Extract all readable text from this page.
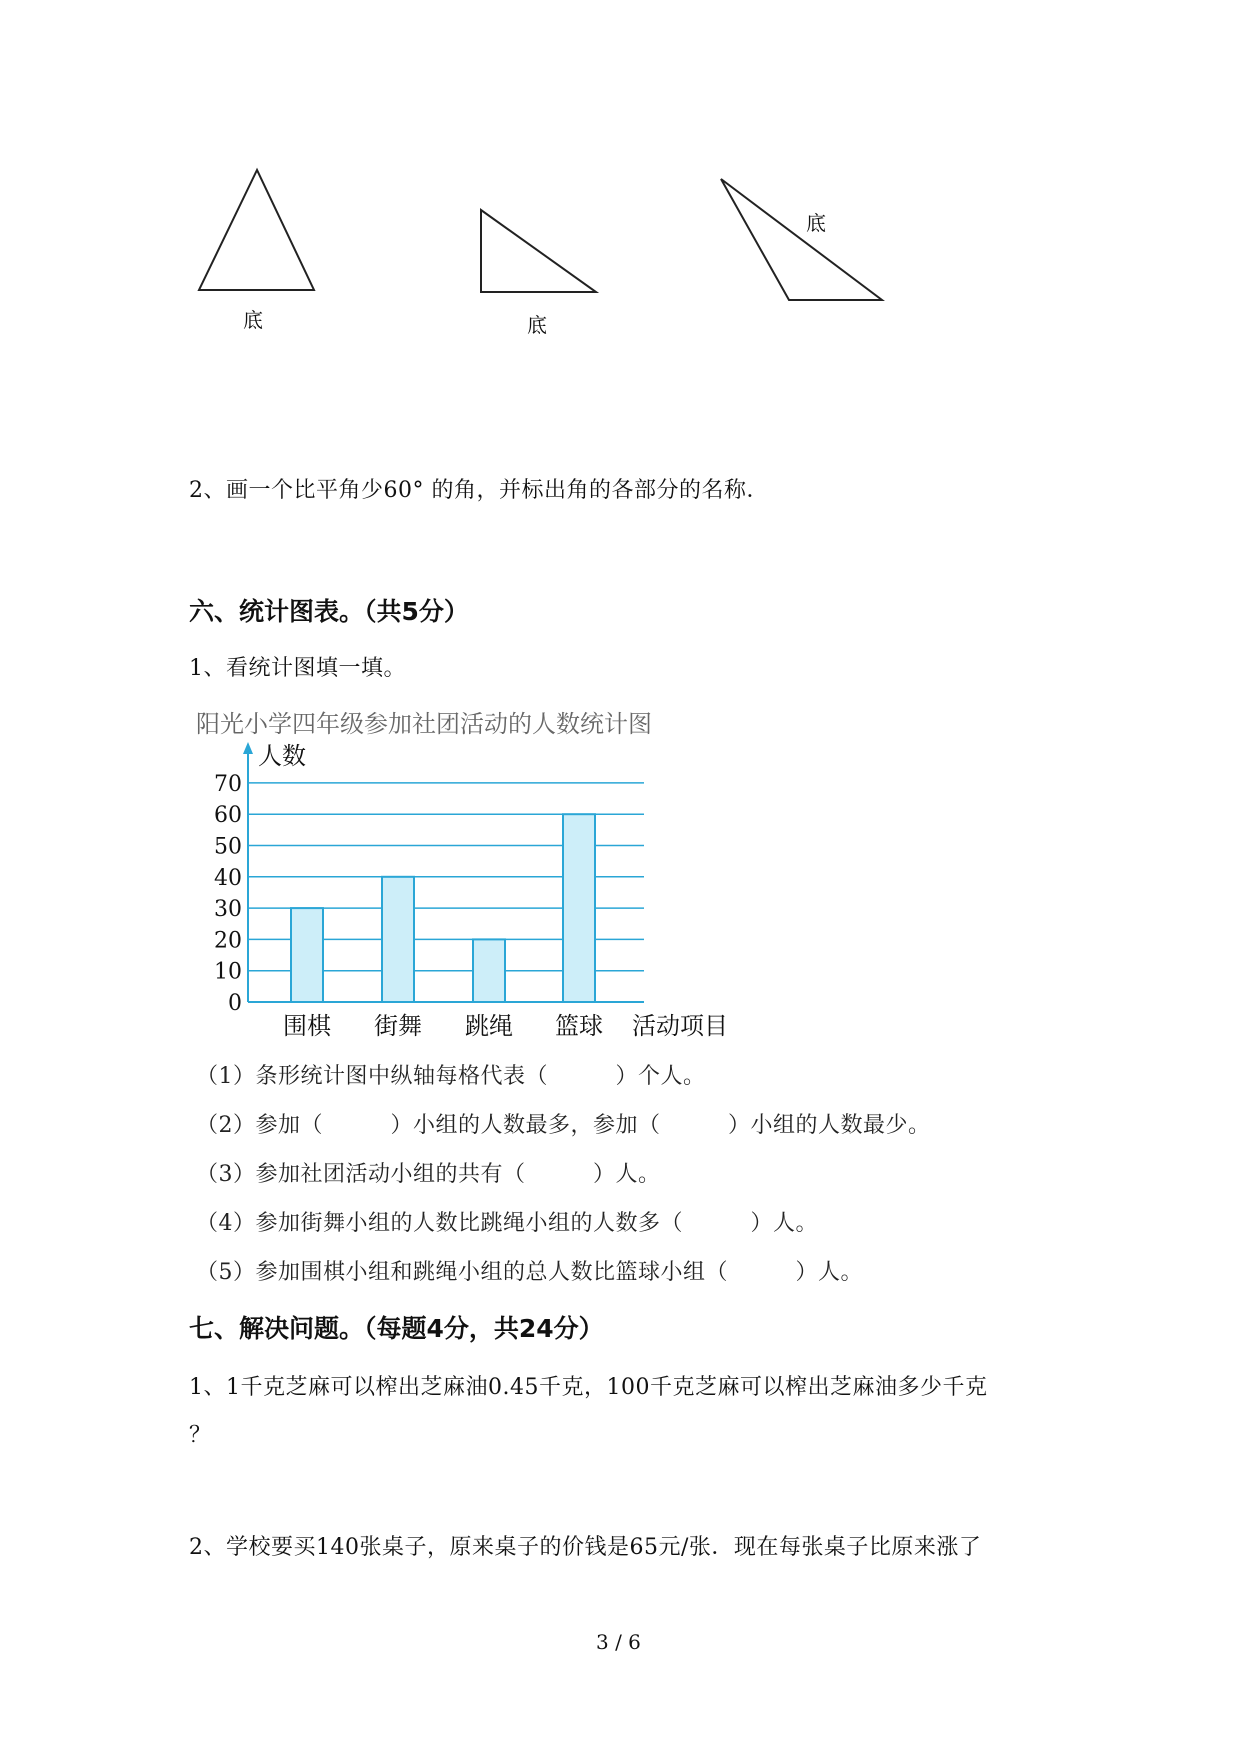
底	底
底
2、画一个比平角少60° 的角，并标出角的各部分的名称．
六、统计图表。（共5分）
1、看统计图填一填。
阳光小学四年级参加社团活动的人数统计图
0
10
20
30
40
50
60
70
人数
围棋 街舞 跳绳 篮球 活动项目
（1）条形统计图中纵轴每格代表（　　　）个人。
（2）参加（　　　）小组的人数最多，参加（　　　）小组的人数最少。
（3）参加社团活动小组的共有（　　　）人。
（4）参加街舞小组的人数比跳绳小组的人数多（　　　）人。
（5）参加围棋小组和跳绳小组的总人数比篮球小组（　　　）人。
七、解决问题。（每题4分，共24分）
1、1千克芝麻可以榨出芝麻油0.45千克，100千克芝麻可以榨出芝麻油多少千克
？
2、学校要买140张桌子，原来桌子的价钱是65元/张．现在每张桌子比原来涨了
3 / 6
